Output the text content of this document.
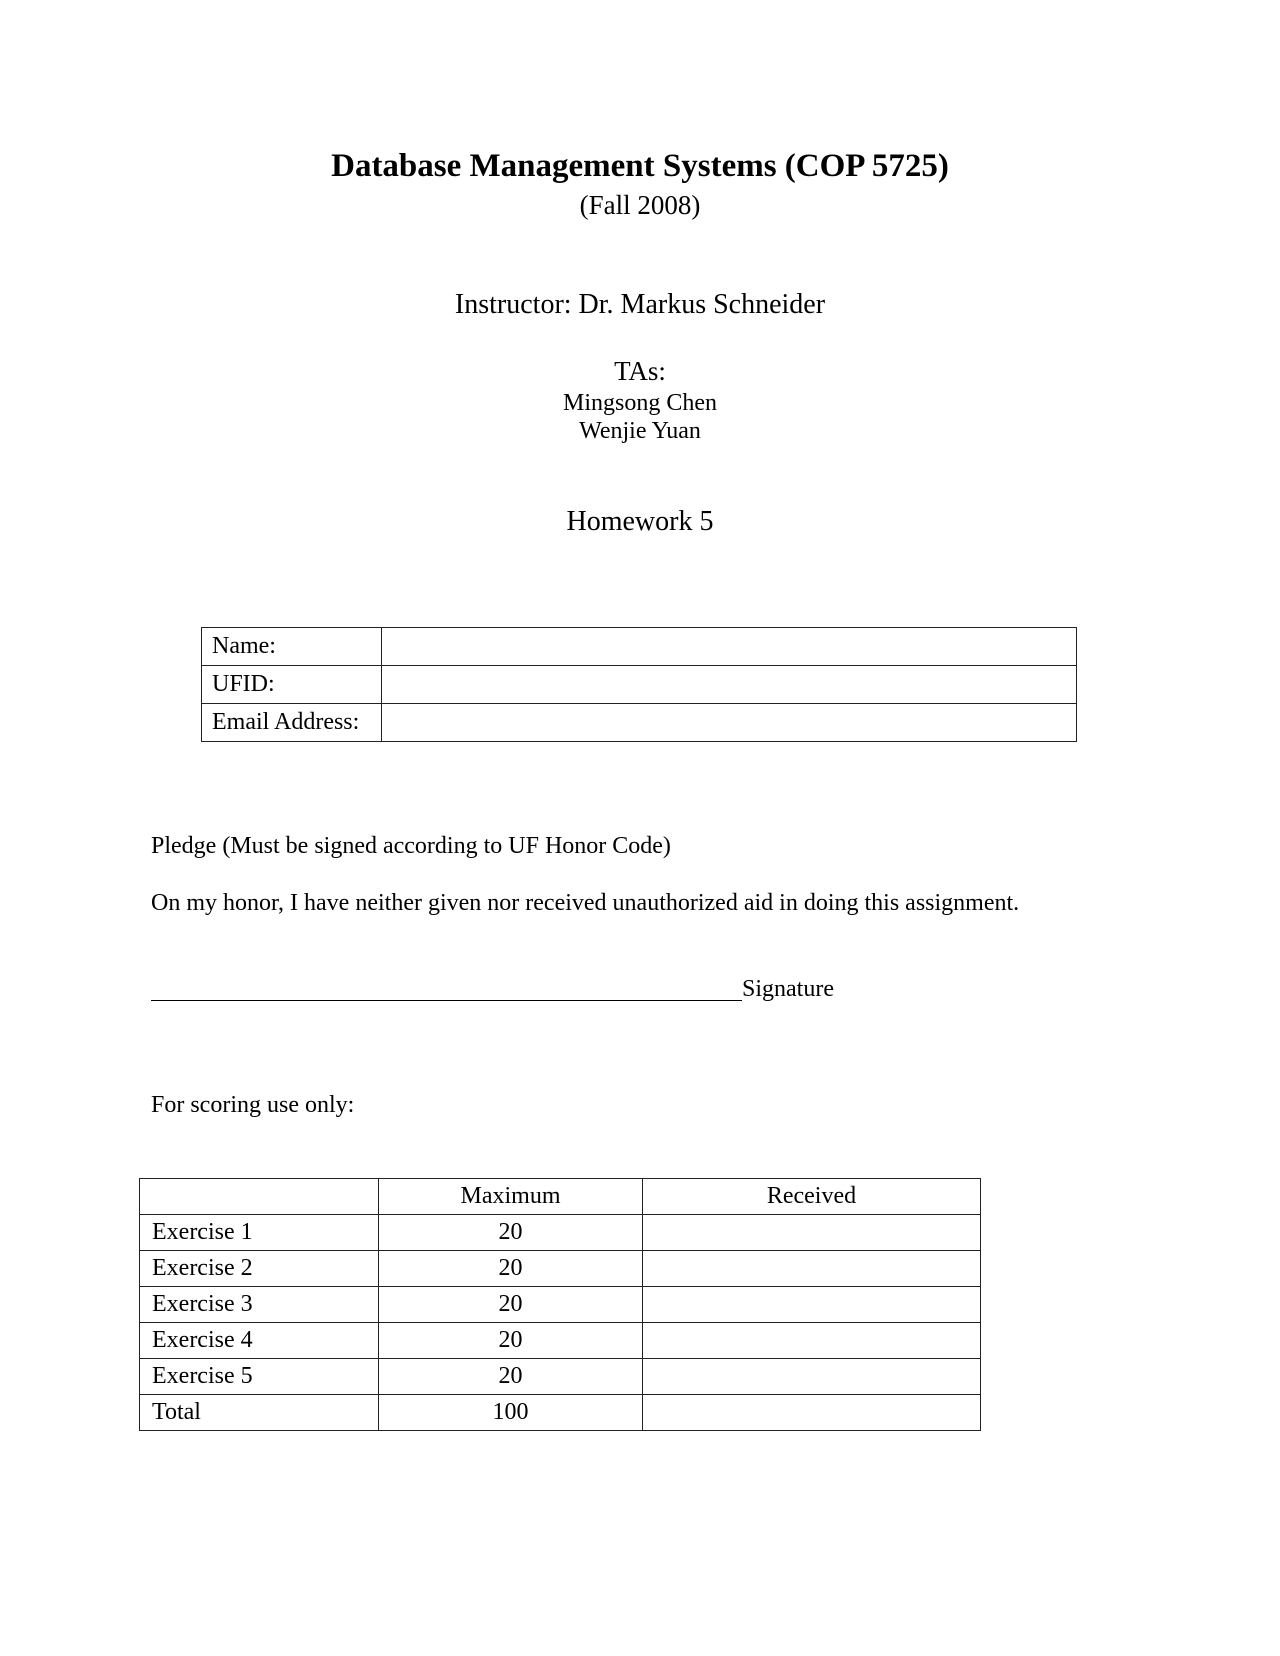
Database Management Systems (COP 5725)
(Fall 2008)
Instructor: Dr. Markus Schneider
TAs:
Mingsong Chen
Wenjie Yuan
Homework 5
Name:	
UFID:	
Email Address:	
Pledge (Must be signed according to UF Honor Code)
On my honor, I have neither given nor received unauthorized aid in doing this assignment.
Signature
For scoring use only:
	Maximum	Received
Exercise 1	20	
Exercise 2	20	
Exercise 3	20	
Exercise 4	20	
Exercise 5	20	
Total	100	
